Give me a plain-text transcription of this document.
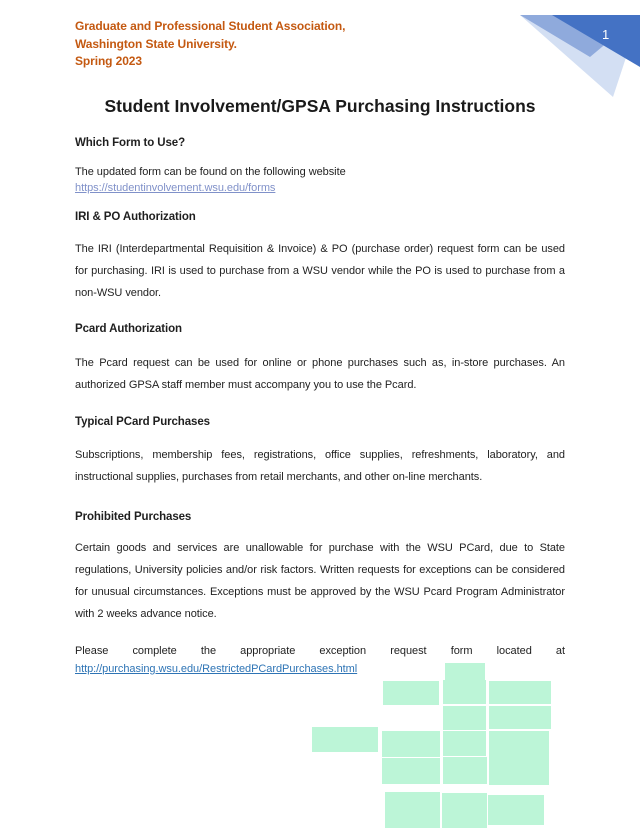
Graduate and Professional Student Association,
Washington State University.
Spring 2023
1
Student Involvement/GPSA Purchasing Instructions
Which Form to Use?
The updated form can be found on the following website
https://studentinvolvement.wsu.edu/forms
IRI & PO Authorization
The IRI (Interdepartmental Requisition & Invoice) & PO (purchase order) request form can be used for purchasing. IRI is used to purchase from a WSU vendor while the PO is used to purchase from a non-WSU vendor.
Pcard Authorization
The Pcard request can be used for online or phone purchases such as, in-store purchases. An authorized GPSA staff member must accompany you to use the Pcard.
Typical PCard Purchases
Subscriptions, membership fees, registrations, office supplies, refreshments, laboratory, and instructional supplies, purchases from retail merchants, and other on-line merchants.
Prohibited Purchases
Certain goods and services are unallowable for purchase with the WSU PCard, due to State regulations, University policies and/or risk factors. Written requests for exceptions can be considered for unusual circumstances. Exceptions must be approved by the WSU Pcard Program Administrator with 2 weeks advance notice.
Please complete the appropriate exception request form located at http://purchasing.wsu.edu/RestrictedPCardPurchases.html
